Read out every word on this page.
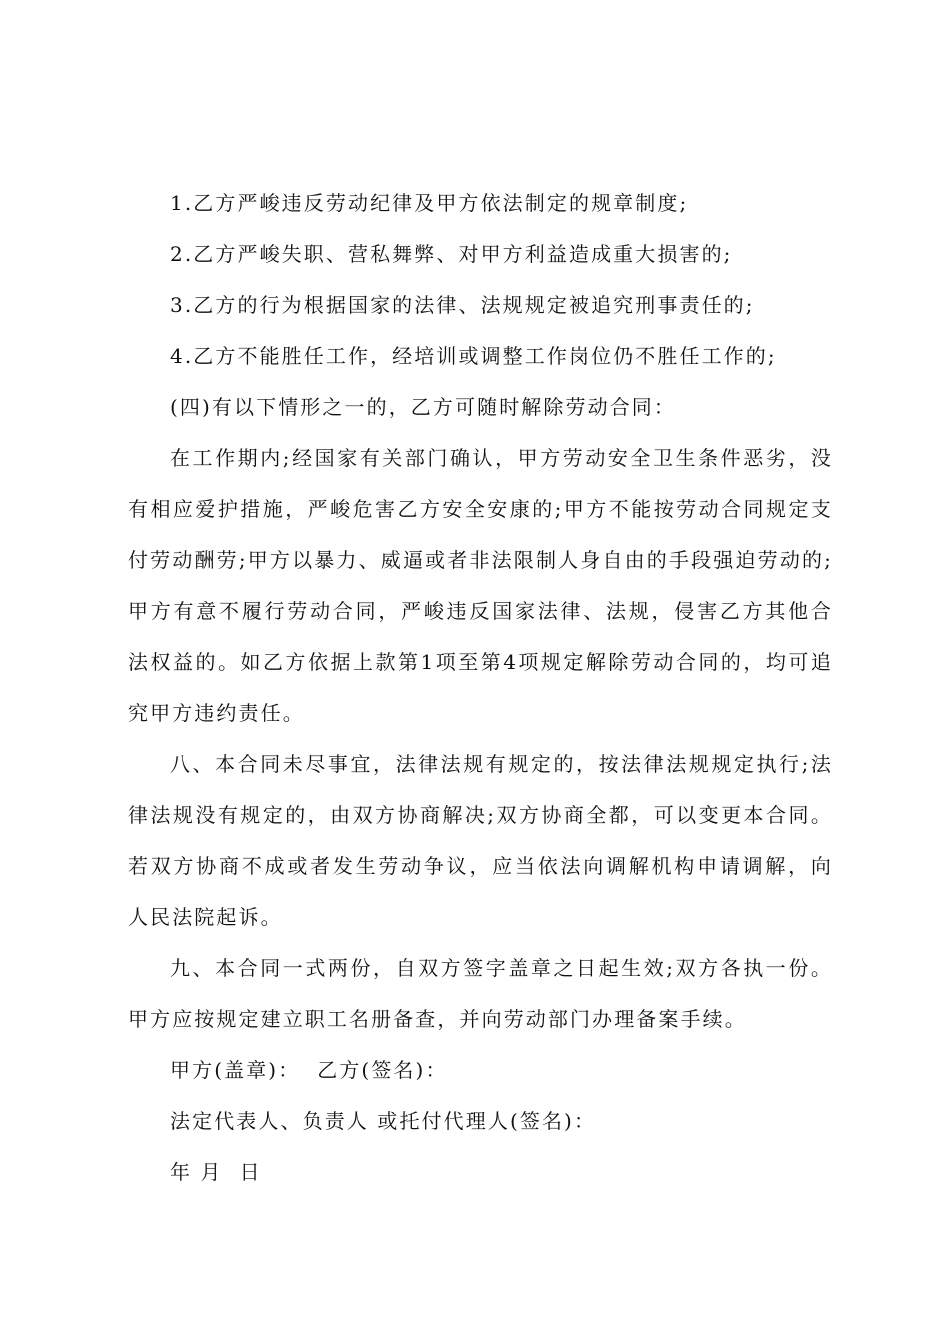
1.乙方严峻违反劳动纪律及甲方依法制定的规章制度;

2.乙方严峻失职、营私舞弊、对甲方利益造成重大损害的;

3.乙方的行为根据国家的法律、法规规定被追究刑事责任的;

4.乙方不能胜任工作，经培训或调整工作岗位仍不胜任工作的;

(四)有以下情形之一的，乙方可随时解除劳动合同：

在工作期内;经国家有关部门确认，甲方劳动安全卫生条件恶劣，没有相应爱护措施，严峻危害乙方安全安康的;甲方不能按劳动合同规定支付劳动酬劳;甲方以暴力、威逼或者非法限制人身自由的手段强迫劳动的;甲方有意不履行劳动合同，严峻违反国家法律、法规，侵害乙方其他合法权益的。如乙方依据上款第1项至第4项规定解除劳动合同的，均可追究甲方违约责任。

八、本合同未尽事宜，法律法规有规定的，按法律法规规定执行;法律法规没有规定的，由双方协商解决;双方协商全都，可以变更本合同。若双方协商不成或者发生劳动争议，应当依法向调解机构申请调解，向人民法院起诉。

九、本合同一式两份，自双方签字盖章之日起生效;双方各执一份。甲方应按规定建立职工名册备查，并向劳动部门办理备案手续。

甲方(盖章)： 乙方(签名)：

法定代表人、负责人 或托付代理人(签名)：

年 月  日
